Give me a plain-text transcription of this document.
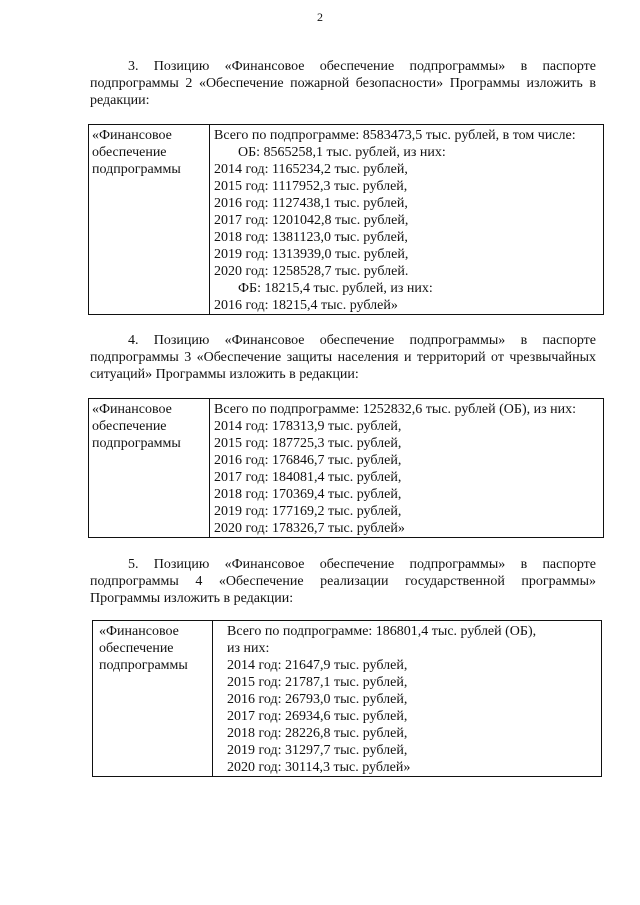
2
3. Позицию «Финансовое обеспечение подпрограммы» в паспорте подпрограммы 2 «Обеспечение пожарной безопасности» Программы изложить в редакции:
«Финансовое
обеспечение
подпрограммы

Всего по подпрограмме: 8583473,5 тыс. рублей, в том числе:
ОБ: 8565258,1 тыс. рублей, из них:
2014 год: 1165234,2 тыс. рублей,
2015 год: 1117952,3 тыс. рублей,
2016 год: 1127438,1 тыс. рублей,
2017 год: 1201042,8 тыс. рублей,
2018 год: 1381123,0 тыс. рублей,
2019 год: 1313939,0 тыс. рублей,
2020 год: 1258528,7 тыс. рублей.
ФБ: 18215,4 тыс. рублей, из них:
2016 год: 18215,4 тыс. рублей»
4. Позицию «Финансовое обеспечение подпрограммы» в паспорте подпрограммы 3 «Обеспечение защиты населения и территорий от чрезвычайных ситуаций» Программы изложить в редакции:
«Финансовое
обеспечение
подпрограммы

Всего по подпрограмме: 1252832,6 тыс. рублей (ОБ), из них:
2014 год: 178313,9 тыс. рублей,
2015 год: 187725,3 тыс. рублей,
2016 год: 176846,7 тыс. рублей,
2017 год: 184081,4 тыс. рублей,
2018 год: 170369,4 тыс. рублей,
2019 год: 177169,2 тыс. рублей,
2020 год: 178326,7 тыс. рублей»
5. Позицию «Финансовое обеспечение подпрограммы» в паспорте подпрограммы 4 «Обеспечение реализации государственной программы» Программы изложить в редакции:
«Финансовое
обеспечение
подпрограммы

Всего по подпрограмме: 186801,4 тыс. рублей (ОБ),
из них:
2014 год: 21647,9 тыс. рублей,
2015 год: 21787,1 тыс. рублей,
2016 год: 26793,0 тыс. рублей,
2017 год: 26934,6 тыс. рублей,
2018 год: 28226,8 тыс. рублей,
2019 год: 31297,7 тыс. рублей,
2020 год: 30114,3 тыс. рублей»
